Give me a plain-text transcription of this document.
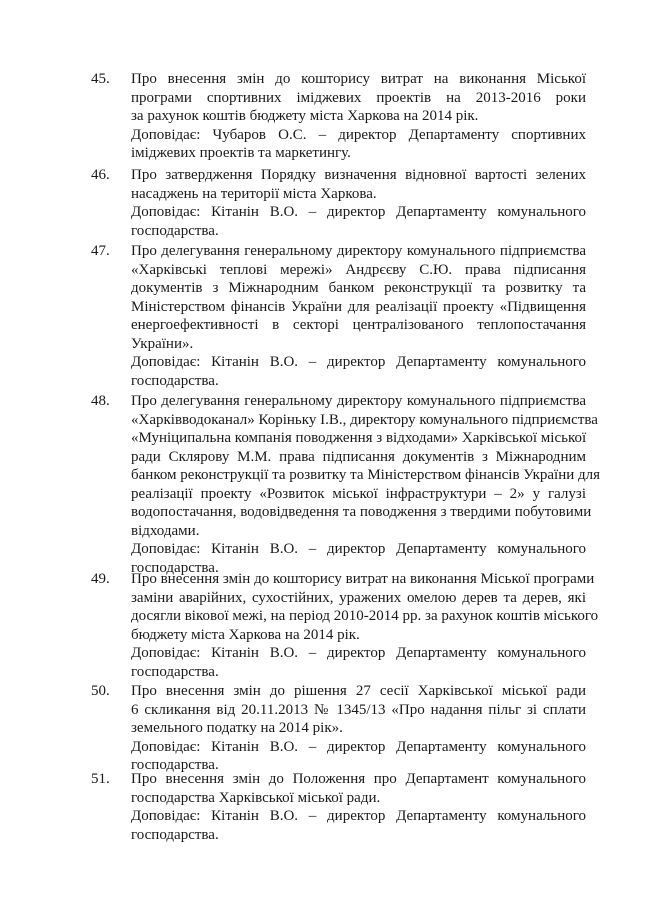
45. Про внесення змін до кошторису витрат на виконання Міської
програми спортивних іміджевих проектів на 2013-2016 роки
за рахунок коштів бюджету міста Харкова на 2014 рік.
Доповідає: Чубаров О.С. – директор Департаменту спортивних
іміджевих проектів та маркетингу.
46. Про затвердження Порядку визначення відновної вартості зелених
насаджень на території міста Харкова.
Доповідає: Кітанін В.О. – директор Департаменту комунального
господарства.
47. Про делегування генеральному директору комунального підприємства
«Харківські теплові мережі» Андрєєву С.Ю. права підписання
документів з Міжнародним банком реконструкції та розвитку та
Міністерством фінансів України для реалізації проекту «Підвищення
енергоефективності в секторі централізованого теплопостачання
України».
Доповідає: Кітанін В.О. – директор Департаменту комунального
господарства.
48. Про делегування генеральному директору комунального підприємства
«Харківводоканал» Коріньку І.В., директору комунального підприємства
«Муніципальна компанія поводження з відходами» Харківської міської
ради Склярову М.М. права підписання документів з Міжнародним
банком реконструкції та розвитку та Міністерством фінансів України для
реалізації проекту «Розвиток міської інфраструктури – 2» у галузі
водопостачання, водовідведення та поводження з твердими побутовими
відходами.
Доповідає: Кітанін В.О. – директор Департаменту комунального
господарства.
49. Про внесення змін до кошторису витрат на виконання Міської програми
заміни аварійних, сухостійних, уражених омелою дерев та дерев, які
досягли вікової межі, на період 2010-2014 рр. за рахунок коштів міського
бюджету міста Харкова на 2014 рік.
Доповідає: Кітанін В.О. – директор Департаменту комунального
господарства.
50. Про внесення змін до рішення 27 сесії Харківської міської ради
6 скликання від 20.11.2013 № 1345/13 «Про надання пільг зі сплати
земельного податку на 2014 рік».
Доповідає: Кітанін В.О. – директор Департаменту комунального
господарства.
51. Про внесення змін до Положення про Департамент комунального
господарства Харківської міської ради.
Доповідає: Кітанін В.О. – директор Департаменту комунального
господарства.
